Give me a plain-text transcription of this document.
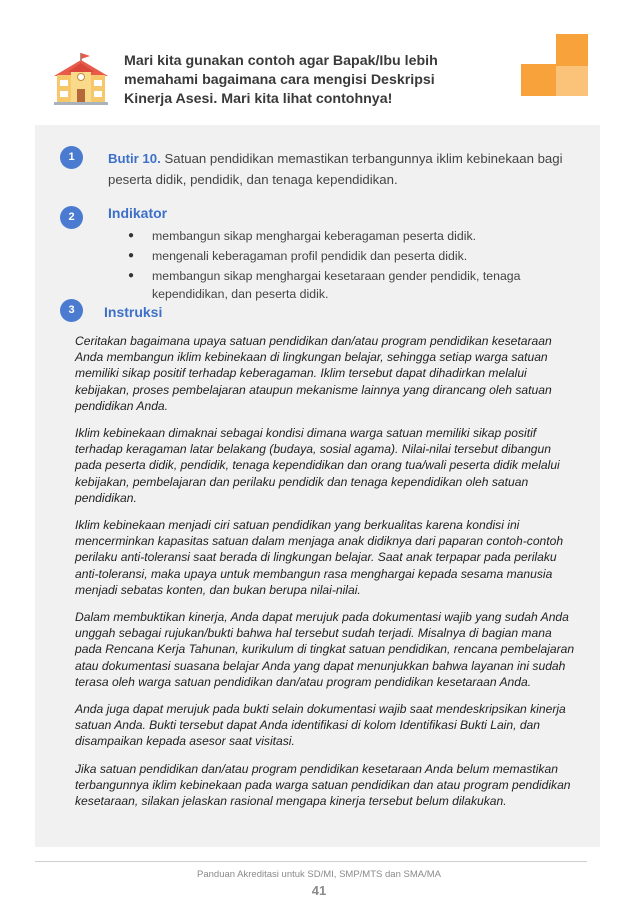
Mari kita gunakan contoh agar Bapak/Ibu lebih memahami bagaimana cara mengisi Deskripsi Kinerja Asesi. Mari kita lihat contohnya!
1	Butir 10. Satuan pendidikan memastikan terbangunnya iklim kebinekaan bagi peserta didik, pendidik, dan tenaga kependidikan.
2	Indikator
● membangun sikap menghargai keberagaman peserta didik.
● mengenali keberagaman profil pendidik dan peserta didik.
● membangun sikap menghargai kesetaraan gender pendidik, tenaga kependidikan, dan peserta didik.
3	Instruksi

Ceritakan bagaimana upaya satuan pendidikan dan/atau program pendidikan kesetaraan Anda membangun iklim kebinekaan di lingkungan belajar, sehingga setiap warga satuan memiliki sikap positif terhadap keberagaman. Iklim tersebut dapat dihadirkan melalui kebijakan, proses pembelajaran ataupun mekanisme lainnya yang dirancang oleh satuan pendidikan Anda.

Iklim kebinekaan dimaknai sebagai kondisi dimana warga satuan memiliki sikap positif terhadap keragaman latar belakang (budaya, sosial agama). Nilai-nilai tersebut dibangun pada peserta didik, pendidik, tenaga kependidikan dan orang tua/wali peserta didik melalui kebijakan, pembelajaran dan perilaku pendidik dan tenaga kependidikan oleh satuan pendidikan.

Iklim kebinekaan menjadi ciri satuan pendidikan yang berkualitas karena kondisi ini mencerminkan kapasitas satuan dalam menjaga anak didiknya dari paparan contoh-contoh perilaku anti-toleransi saat berada di lingkungan belajar. Saat anak terpapar pada perilaku anti-toleransi, maka upaya untuk membangun rasa menghargai kepada sesama manusia menjadi sebatas konten, dan bukan berupa nilai-nilai.

Dalam membuktikan kinerja, Anda dapat merujuk pada dokumentasi wajib yang sudah Anda unggah sebagai rujukan/bukti bahwa hal tersebut sudah terjadi. Misalnya di bagian mana pada Rencana Kerja Tahunan, kurikulum di tingkat satuan pendidikan, rencana pembelajaran atau dokumentasi suasana belajar Anda yang dapat menunjukkan bahwa layanan ini sudah terasa oleh warga satuan pendidikan dan/atau program pendidikan kesetaraan Anda.

Anda juga dapat merujuk pada bukti selain dokumentasi wajib saat mendeskripsikan kinerja satuan Anda. Bukti tersebut dapat Anda identifikasi di kolom Identifikasi Bukti Lain, dan disampaikan kepada asesor saat visitasi.

Jika satuan pendidikan dan/atau program pendidikan kesetaraan Anda belum memastikan terbangunnya iklim kebinekaan pada warga satuan pendidikan dan atau program pendidikan kesetaraan, silakan jelaskan rasional mengapa kinerja tersebut belum dilakukan.

Panduan Akreditasi untuk SD/MI, SMP/MTS dan SMA/MA
41
